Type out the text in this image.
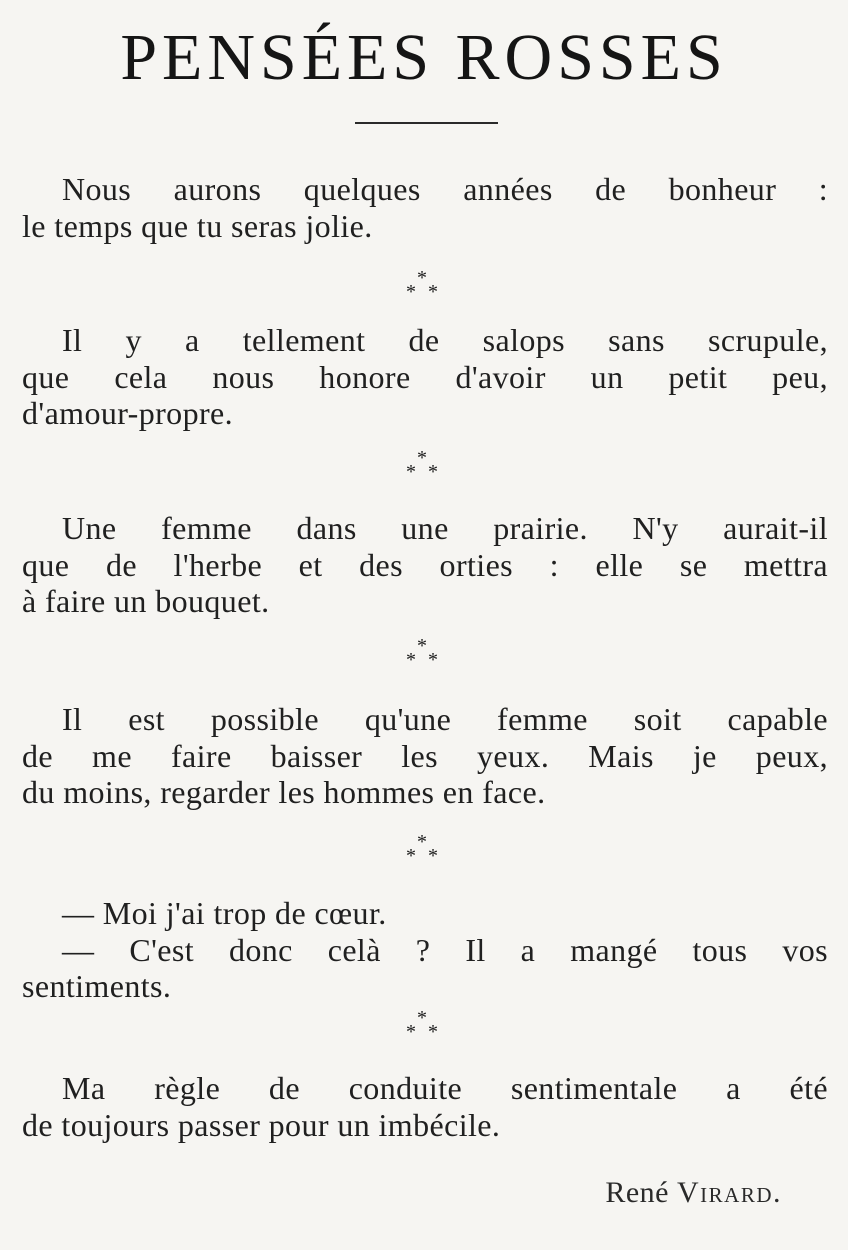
PENSÉES ROSSES

Nous aurons quelques années de bonheur :
le temps que tu seras jolie.

*
* *

Il y a tellement de salops sans scrupule,
que cela nous honore d'avoir un petit peu,
d'amour-propre.

*
* *

Une femme dans une prairie. N'y aurait-il
que de l'herbe et des orties : elle se mettra
à faire un bouquet.

*
* *

Il est possible qu'une femme soit capable
de me faire baisser les yeux. Mais je peux,
du moins, regarder les hommes en face.

*
* *

— Moi j'ai trop de cœur.
— C'est donc celà ? Il a mangé tous vos
sentiments.

*
* *

Ma règle de conduite sentimentale a été
de toujours passer pour un imbécile.

René Virard.
